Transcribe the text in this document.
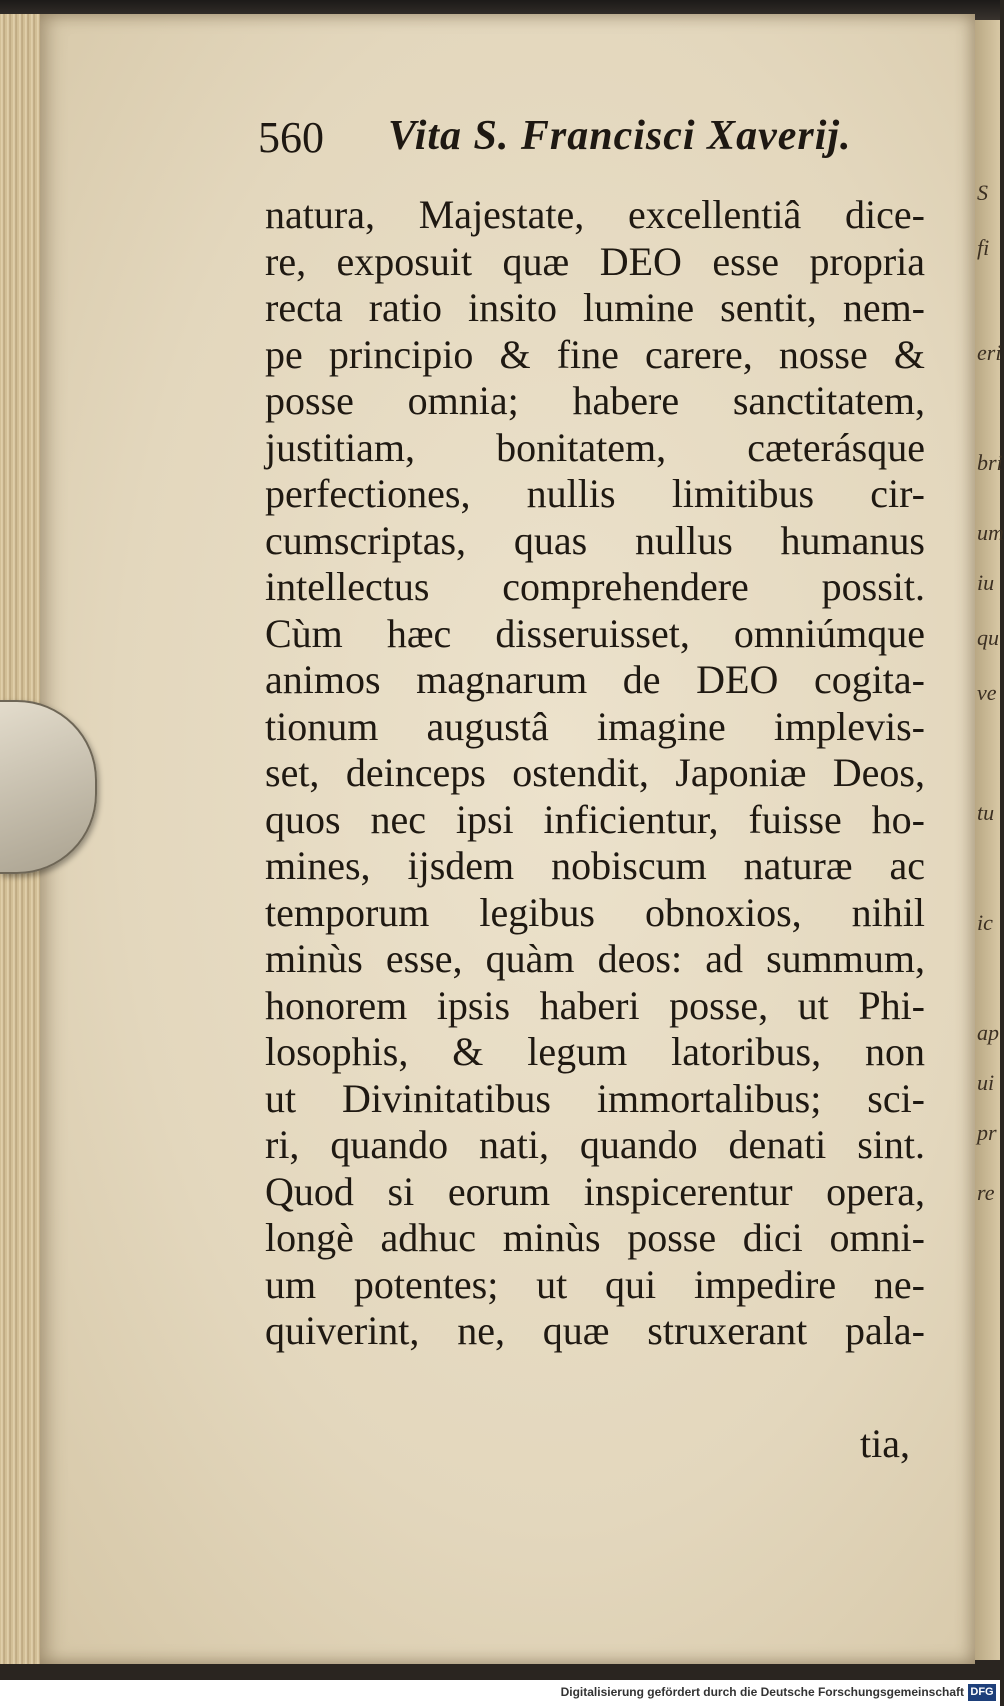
S
fi
eri
bri
um
iu
qu
ve
tu
ic
ap
ui
pr
re
560 Vita S. Francisci Xaverij.
natura, Majestate, excellentiâ dice-
re, exposuit quæ DEO esse propria
recta ratio insito lumine sentit, nem-
pe principio & fine carere, nosse &
posse omnia; habere sanctitatem,
justitiam, bonitatem, cæterásque
perfectiones, nullis limitibus cir-
cumscriptas, quas nullus humanus
intellectus comprehendere possit.
Cùm hæc disseruisset, omniúmque
animos magnarum de DEO cogita-
tionum augustâ imagine implevis-
set, deinceps ostendit, Japoniæ Deos,
quos nec ipsi inficientur, fuisse ho-
mines, ijsdem nobiscum naturæ ac
temporum legibus obnoxios, nihil
minùs esse, quàm deos: ad summum,
honorem ipsis haberi posse, ut Phi-
losophis, & legum latoribus, non
ut Divinitatibus immortalibus; sci-
ri, quando nati, quando denati sint.
Quod si eorum inspicerentur opera,
longè adhuc minùs posse dici omni-
um potentes; ut qui impedire ne-
quiverint, ne, quæ struxerant pala-
tia,
Digitalisierung gefördert durch die Deutsche Forschungsgemeinschaft DFG
